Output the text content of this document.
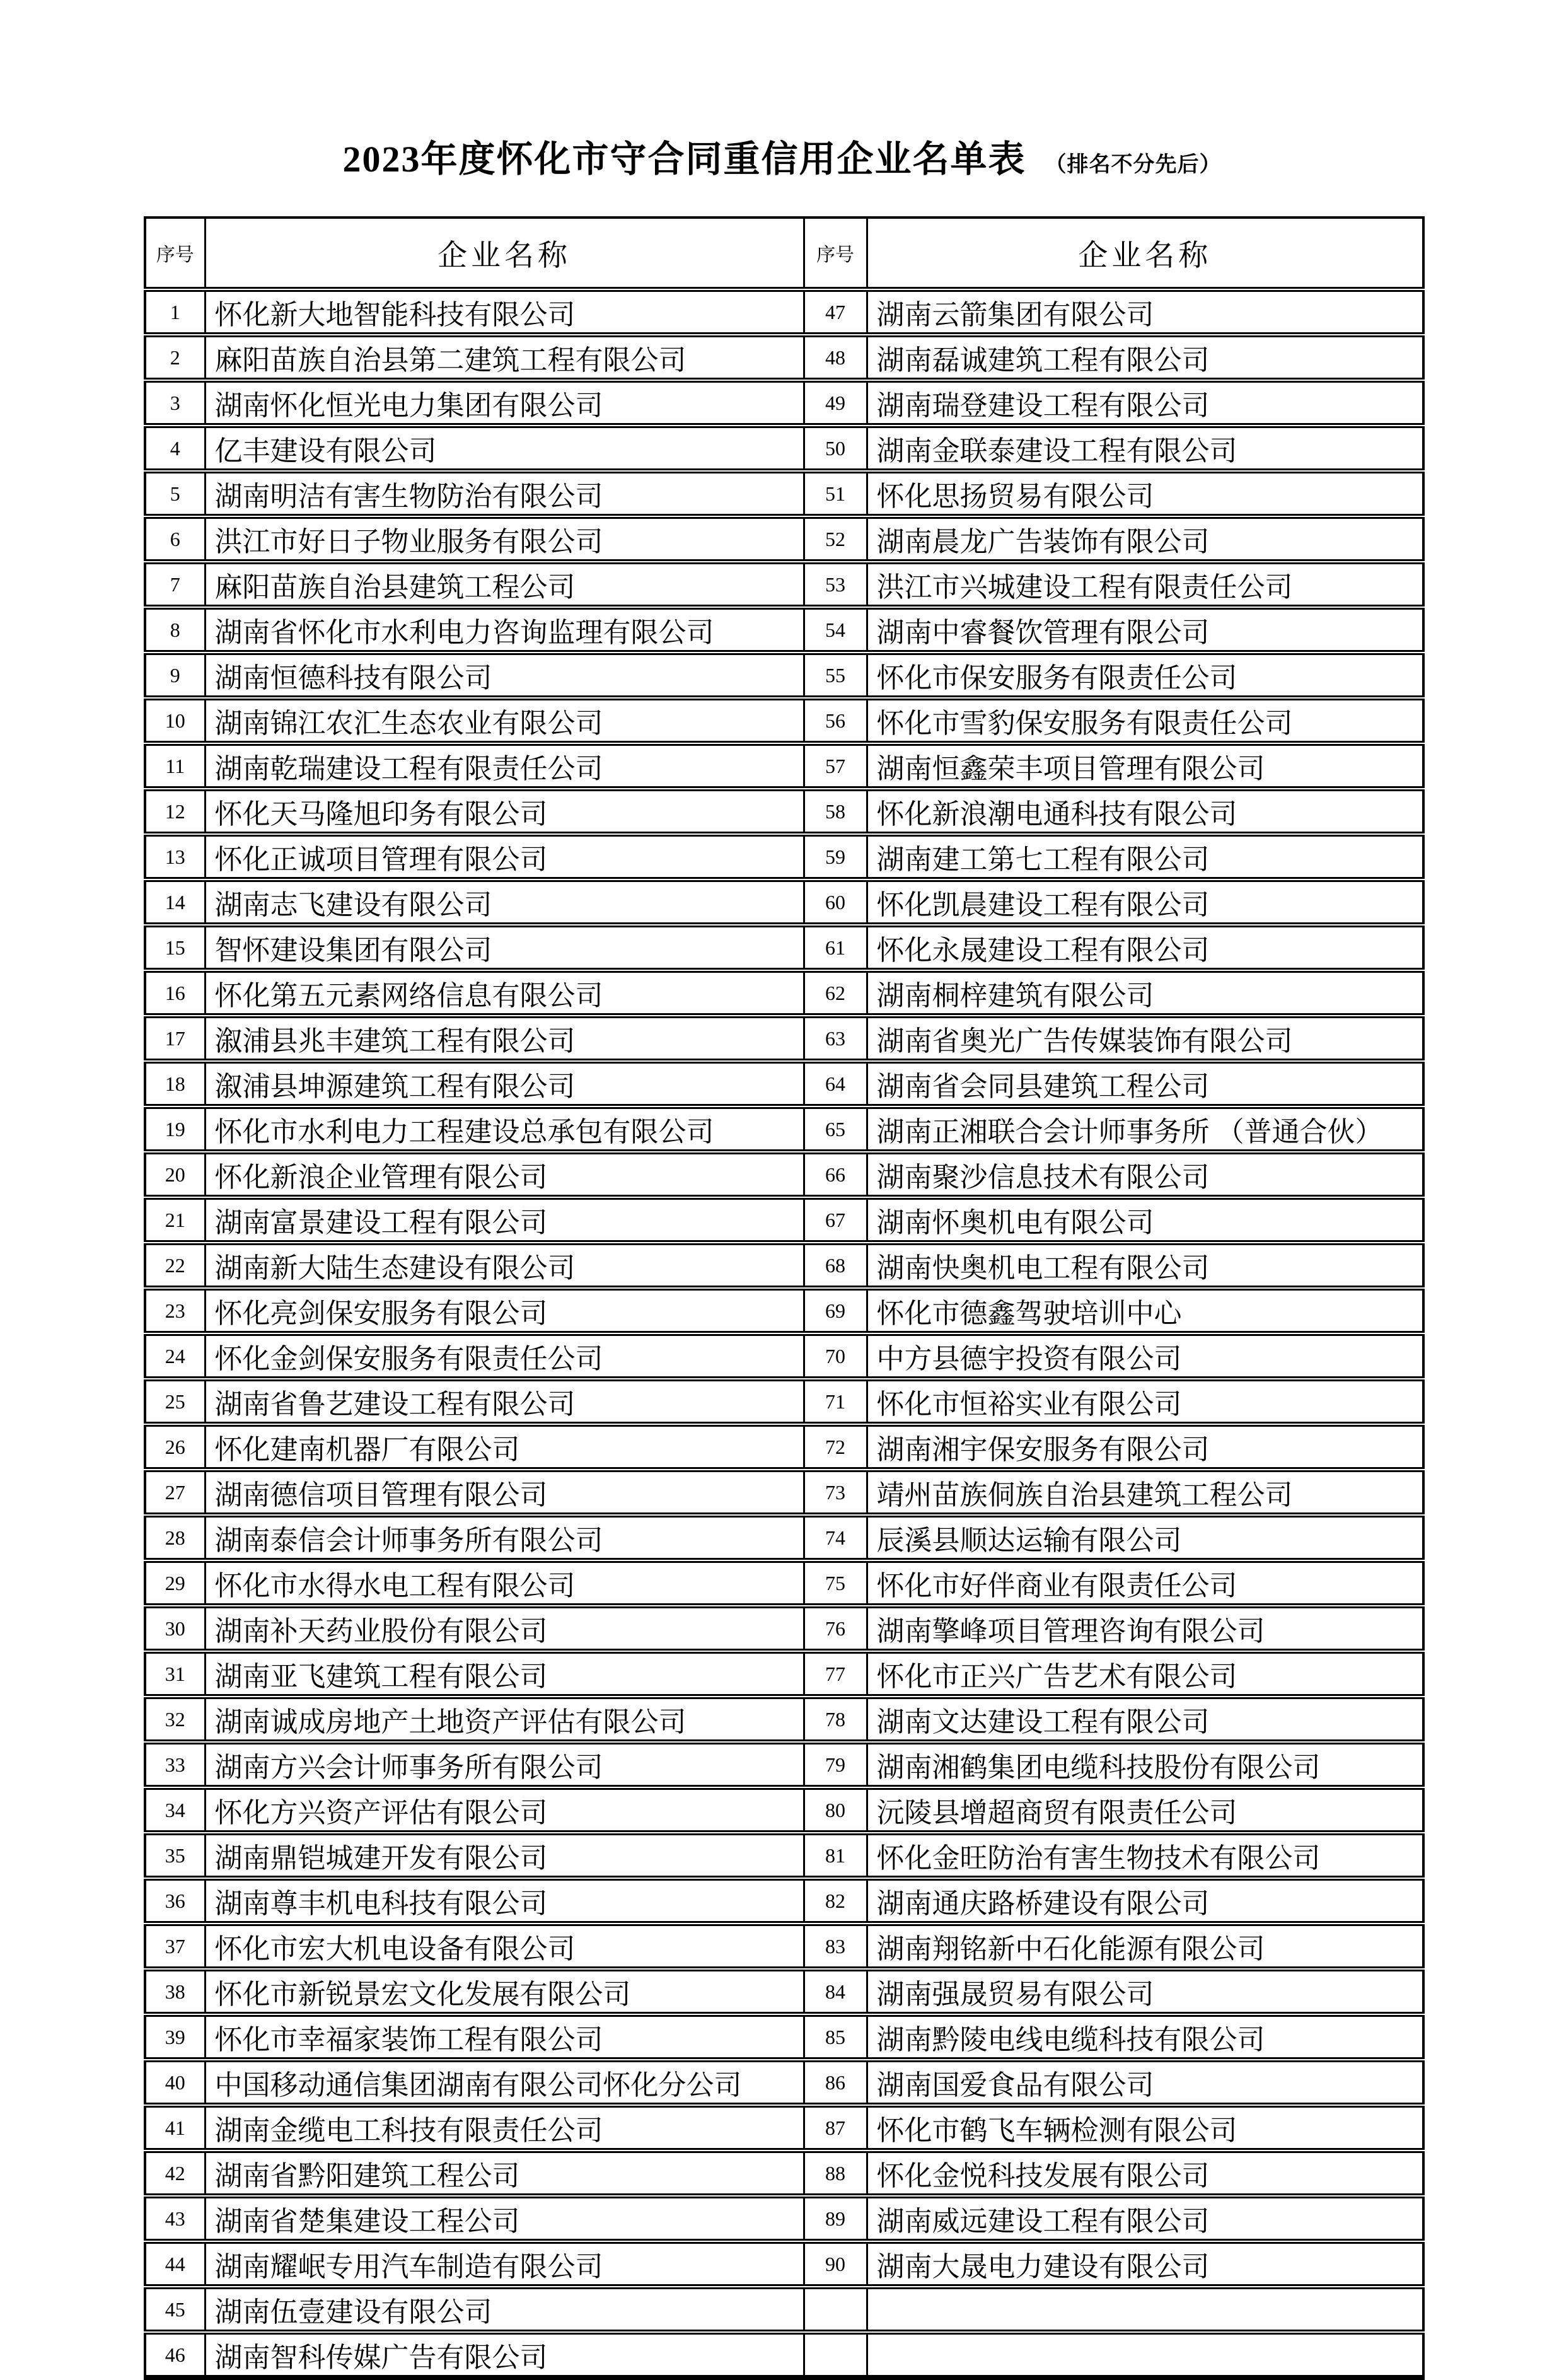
2023年度怀化市守合同重信用企业名单表 （排名不分先后）
序号	企业名称	序号	企业名称
1	怀化新大地智能科技有限公司	47	湖南云箭集团有限公司
2	麻阳苗族自治县第二建筑工程有限公司	48	湖南磊诚建筑工程有限公司
3	湖南怀化恒光电力集团有限公司	49	湖南瑞登建设工程有限公司
4	亿丰建设有限公司	50	湖南金联泰建设工程有限公司
5	湖南明洁有害生物防治有限公司	51	怀化思扬贸易有限公司
6	洪江市好日子物业服务有限公司	52	湖南晨龙广告装饰有限公司
7	麻阳苗族自治县建筑工程公司	53	洪江市兴城建设工程有限责任公司
8	湖南省怀化市水利电力咨询监理有限公司	54	湖南中睿餐饮管理有限公司
9	湖南恒德科技有限公司	55	怀化市保安服务有限责任公司
10	湖南锦江农汇生态农业有限公司	56	怀化市雪豹保安服务有限责任公司
11	湖南乾瑞建设工程有限责任公司	57	湖南恒鑫荣丰项目管理有限公司
12	怀化天马隆旭印务有限公司	58	怀化新浪潮电通科技有限公司
13	怀化正诚项目管理有限公司	59	湖南建工第七工程有限公司
14	湖南志飞建设有限公司	60	怀化凯晨建设工程有限公司
15	智怀建设集团有限公司	61	怀化永晟建设工程有限公司
16	怀化第五元素网络信息有限公司	62	湖南桐梓建筑有限公司
17	溆浦县兆丰建筑工程有限公司	63	湖南省奥光广告传媒装饰有限公司
18	溆浦县坤源建筑工程有限公司	64	湖南省会同县建筑工程公司
19	怀化市水利电力工程建设总承包有限公司	65	湖南正湘联合会计师事务所 （普通合伙）
20	怀化新浪企业管理有限公司	66	湖南聚沙信息技术有限公司
21	湖南富景建设工程有限公司	67	湖南怀奥机电有限公司
22	湖南新大陆生态建设有限公司	68	湖南快奥机电工程有限公司
23	怀化亮剑保安服务有限公司	69	怀化市德鑫驾驶培训中心
24	怀化金剑保安服务有限责任公司	70	中方县德宇投资有限公司
25	湖南省鲁艺建设工程有限公司	71	怀化市恒裕实业有限公司
26	怀化建南机器厂有限公司	72	湖南湘宇保安服务有限公司
27	湖南德信项目管理有限公司	73	靖州苗族侗族自治县建筑工程公司
28	湖南泰信会计师事务所有限公司	74	辰溪县顺达运输有限公司
29	怀化市水得水电工程有限公司	75	怀化市好伴商业有限责任公司
30	湖南补天药业股份有限公司	76	湖南擎峰项目管理咨询有限公司
31	湖南亚飞建筑工程有限公司	77	怀化市正兴广告艺术有限公司
32	湖南诚成房地产土地资产评估有限公司	78	湖南文达建设工程有限公司
33	湖南方兴会计师事务所有限公司	79	湖南湘鹤集团电缆科技股份有限公司
34	怀化方兴资产评估有限公司	80	沅陵县增超商贸有限责任公司
35	湖南鼎铠城建开发有限公司	81	怀化金旺防治有害生物技术有限公司
36	湖南尊丰机电科技有限公司	82	湖南通庆路桥建设有限公司
37	怀化市宏大机电设备有限公司	83	湖南翔铭新中石化能源有限公司
38	怀化市新锐景宏文化发展有限公司	84	湖南强晟贸易有限公司
39	怀化市幸福家装饰工程有限公司	85	湖南黔陵电线电缆科技有限公司
40	中国移动通信集团湖南有限公司怀化分公司	86	湖南国爱食品有限公司
41	湖南金缆电工科技有限责任公司	87	怀化市鹤飞车辆检测有限公司
42	湖南省黔阳建筑工程公司	88	怀化金悦科技发展有限公司
43	湖南省楚集建设工程公司	89	湖南威远建设工程有限公司
44	湖南耀岷专用汽车制造有限公司	90	湖南大晟电力建设有限公司
45	湖南伍壹建设有限公司		
46	湖南智科传媒广告有限公司		
